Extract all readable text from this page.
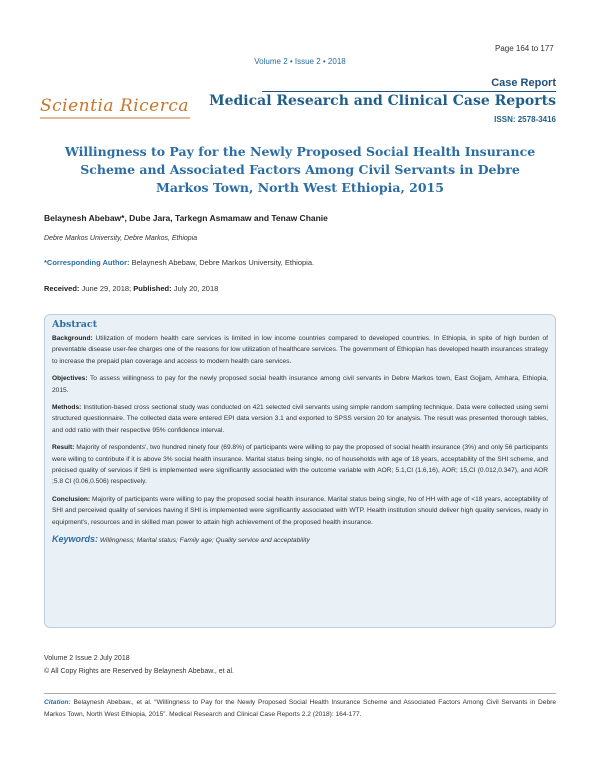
Page 164 to 177
Volume 2 • Issue 2 • 2018
Scientia Ricerca
Case Report
Medical Research and Clinical Case Reports
ISSN: 2578-3416
Willingness to Pay for the Newly Proposed Social Health Insurance Scheme and Associated Factors Among Civil Servants in Debre Markos Town, North West Ethiopia, 2015
Belaynesh Abebaw*, Dube Jara, Tarkegn Asmamaw and Tenaw Chanie
Debre Markos University, Debre Markos, Ethiopia
*Corresponding Author: Belaynesh Abebaw, Debre Markos University, Ethiopia.
Received: June 29, 2018; Published: July 20, 2018
Abstract
Background: Utilization of modern health care services is limited in low income countries compared to developed countries. In Ethiopia, in spite of high burden of preventable disease user-fee charges one of the reasons for low utilization of healthcare services. The government of Ethiopian has developed health insurances strategy to increase the prepaid plan coverage and access to modern health care services.
Objectives: To assess willingness to pay for the newly proposed social health insurance among civil servants in Debre Markos town, East Gojjam, Amhara, Ethiopia, 2015.
Methods: Institution-based cross sectional study was conducted on 421 selected civil servants using simple random sampling technique. Data were collected using semi structured questionnaire. The collected data were entered EPI data version 3.1 and exported to SPSS version 20 for analysis. The result was presented thorough tables, and odd ratio with their respective 95% confidence interval.
Result: Majority of respondents', two hundred ninety four (69.8%) of participants were willing to pay the proposed of social health insurance (3%) and only 56 participants were willing to contribute if it is above 3% social health insurance. Marital status being single, no of households with age of 18 years, acceptability of the SHI scheme, and précised quality of services if SHI is implemented were significantly associated with the outcome variable with AOR; 5.1,CI (1.6,16), AOR; 15,CI (0.012,0.347), and AOR ;5.8 CI (0.06,0.506) respectively.
Conclusion: Majority of participants were willing to pay the proposed social health insurance. Marital status being single, No of HH with age of <18 years, acceptability of SHI and perceived quality of services having if SHI is implemented were significantly associated with WTP. Health institution should deliver high quality services, ready in equipment's, resources and in skilled man power to attain high achievement of the proposed health insurance.
Keywords: Willingness; Marital status; Family age; Quality service and acceptability
Volume 2 Issue 2 July 2018
© All Copy Rights are Reserved by Belaynesh Abebaw., et al.
Citation: Belaynesh Abebaw., et al. “Willingness to Pay for the Newly Proposed Social Health Insurance Scheme and Associated Factors Among Civil Servants in Debre Markos Town, North West Ethiopia, 2015”. Medical Research and Clinical Case Reports 2.2 (2018): 164-177.
